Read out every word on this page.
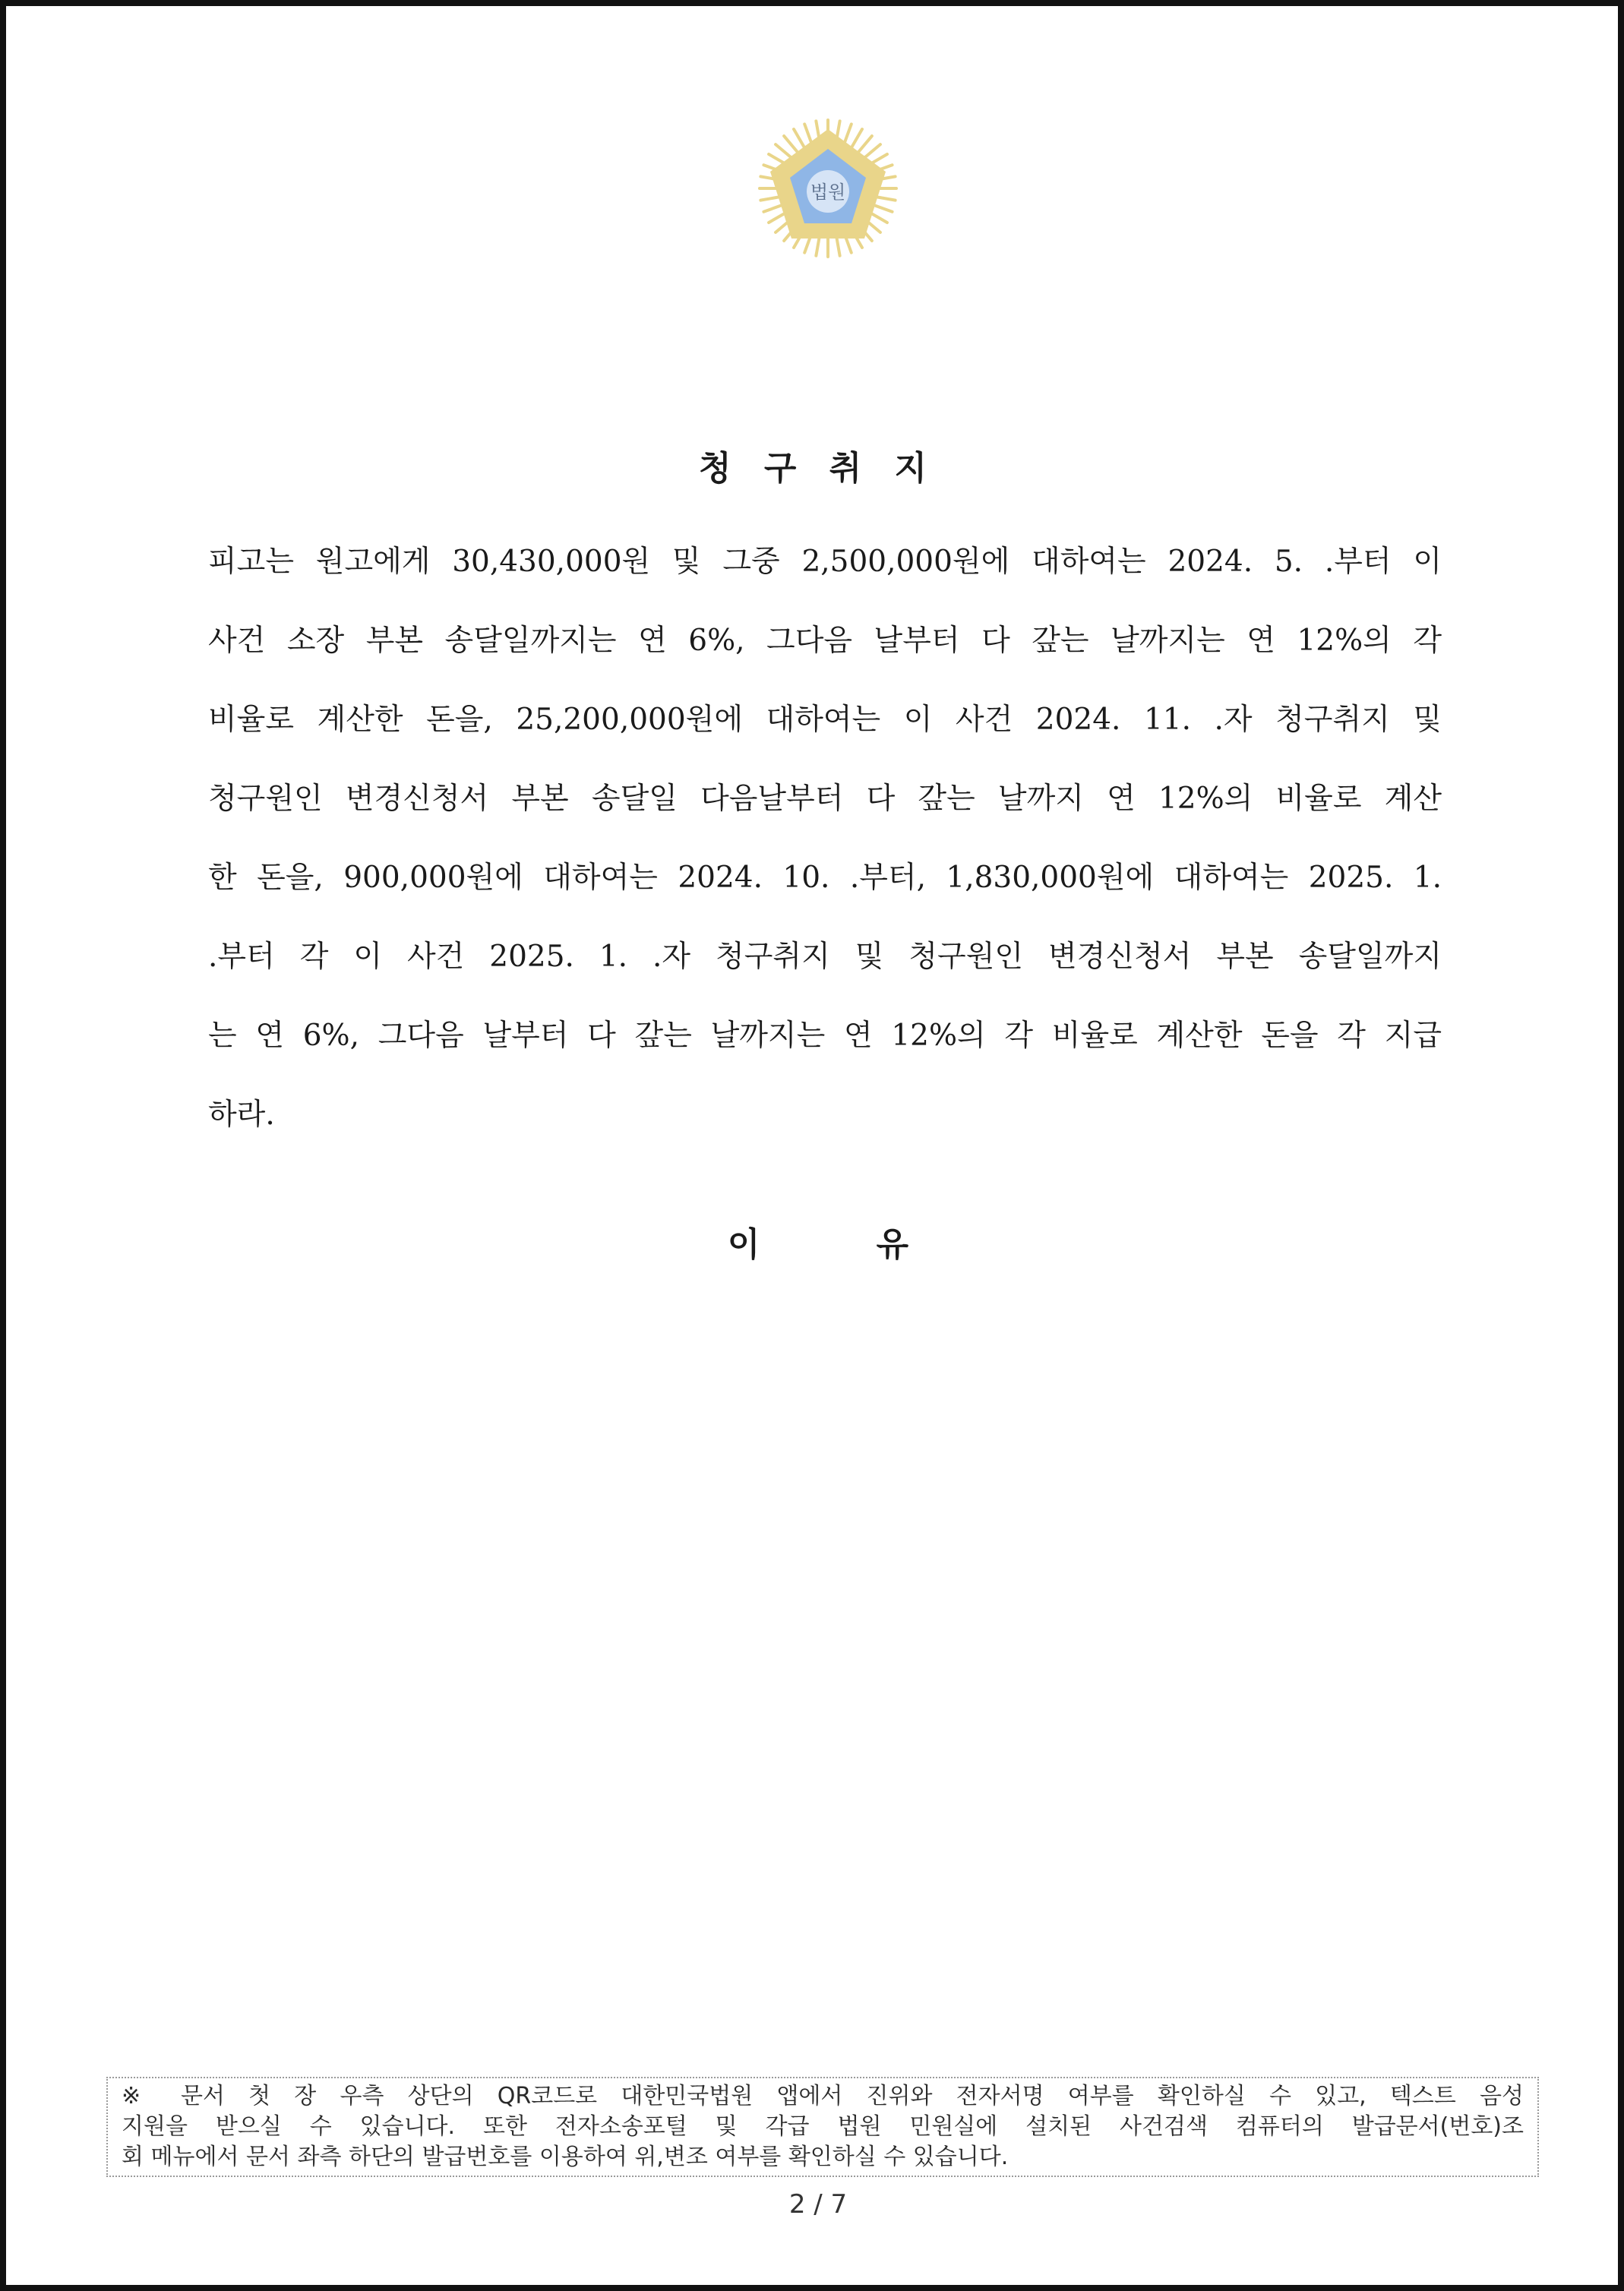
법원
청 구 취 지
피고는 원고에게 30,430,000원 및 그중 2,500,000원에 대하여는 2024. 5. .부터 이
사건 소장 부본 송달일까지는 연 6%, 그다음 날부터 다 갚는 날까지는 연 12%의 각
비율로 계산한 돈을, 25,200,000원에 대하여는 이 사건 2024. 11. .자 청구취지 및
청구원인 변경신청서 부본 송달일 다음날부터 다 갚는 날까지 연 12%의 비율로 계산
한 돈을, 900,000원에 대하여는 2024. 10. .부터, 1,830,000원에 대하여는 2025. 1.
.부터 각 이 사건 2025. 1. .자 청구취지 및 청구원인 변경신청서 부본 송달일까지
는 연 6%, 그다음 날부터 다 갚는 날까지는 연 12%의 각 비율로 계산한 돈을 각 지급
하라.
이          유
※ 문서 첫 장 우측 상단의 QR코드로 대한민국법원 앱에서 진위와 전자서명 여부를 확인하실 수 있고, 텍스트 음성
지원을 받으실 수 있습니다. 또한 전자소송포털 및 각급 법원 민원실에 설치된 사건검색 컴퓨터의 발급문서(번호)조
회 메뉴에서 문서 좌측 하단의 발급번호를 이용하여 위,변조 여부를 확인하실 수 있습니다.
2 / 7
